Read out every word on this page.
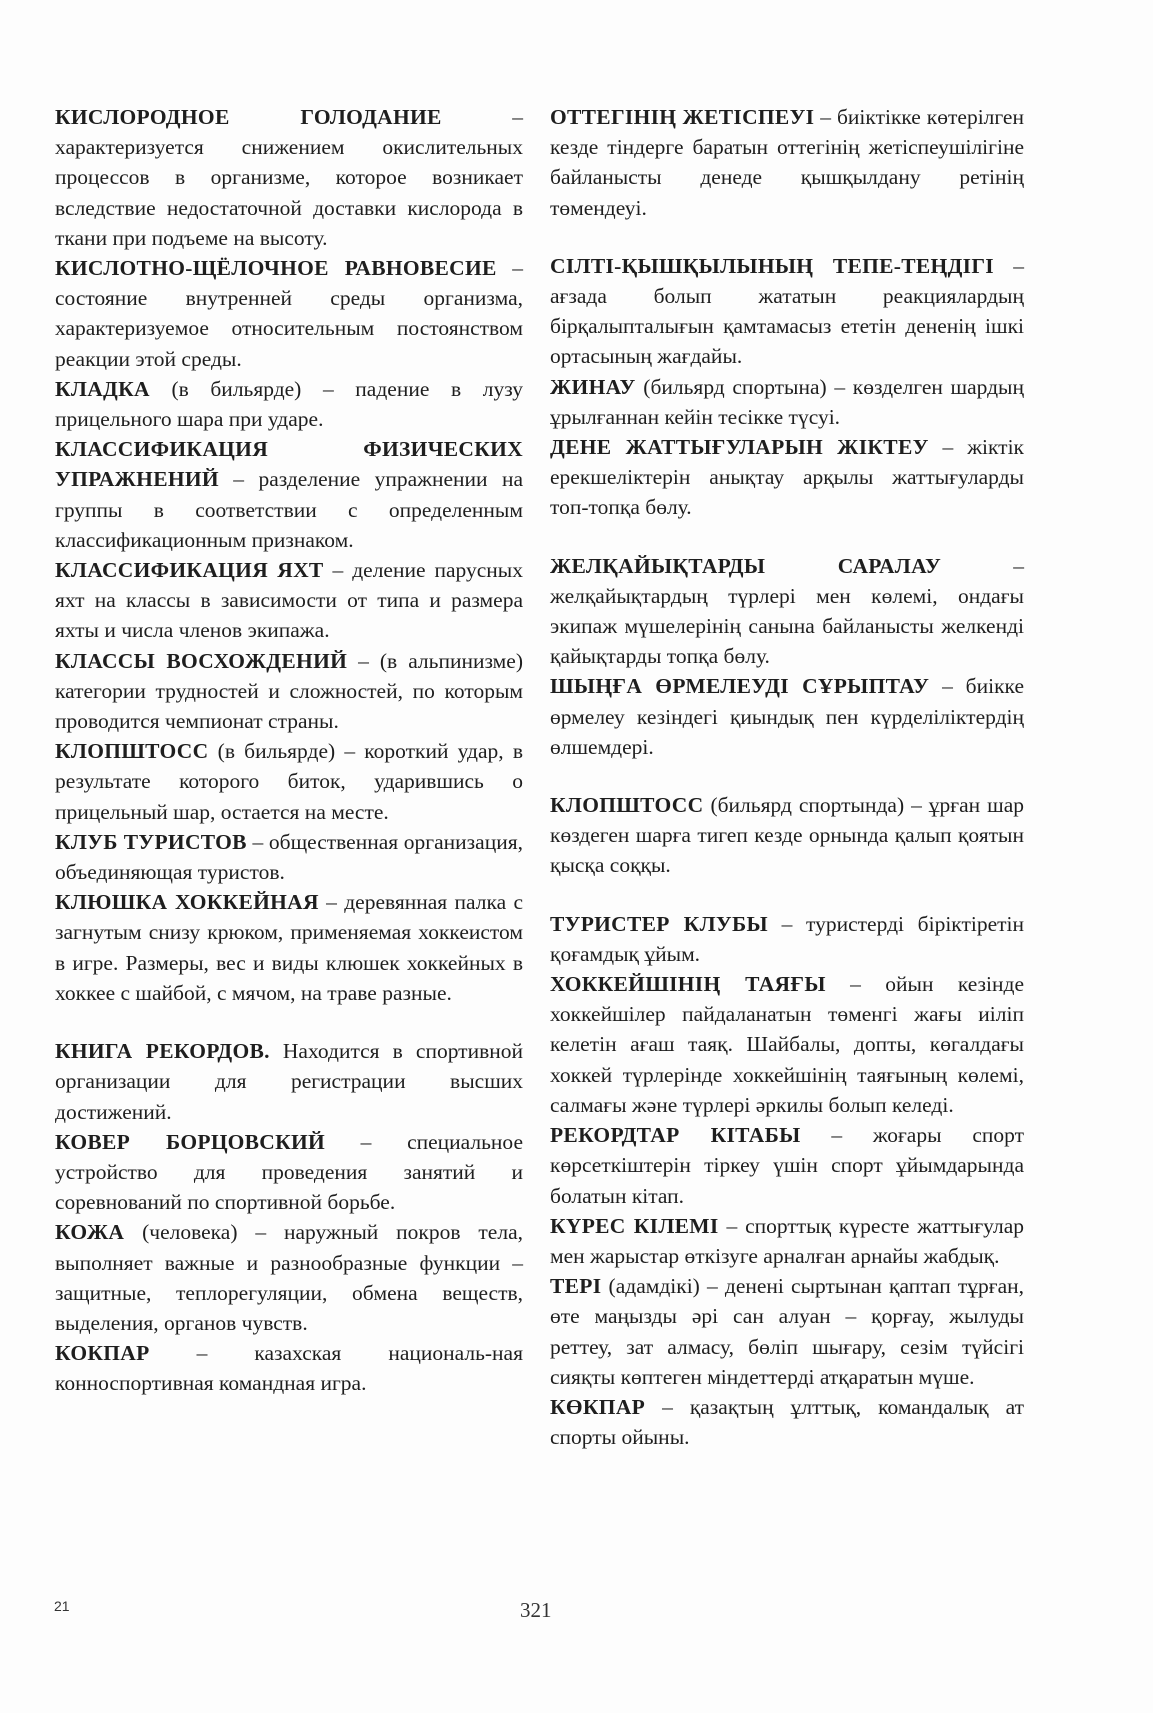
КИСЛОРОДНОЕ ГОЛОДАНИЕ –характеризуется снижением окислительных процессов в организме, которое возникает вследствие недостаточной доставки кислорода в ткани при подъеме на высоту.

КИСЛОТНО-ЩЁЛОЧНОЕ РАВНОВЕСИЕ – состояние внутренней среды организма, характеризуемое относительным постоянством реакции этой среды.

КЛАДКА (в бильярде) – падение в лузу прицельного шара при ударе.

КЛАССИФИКАЦИЯ ФИЗИЧЕСКИХ УПРАЖНЕНИЙ – разделение упражнении на группы в соответствии с определенным классификационным признаком.

КЛАССИФИКАЦИЯ ЯХТ – деление парусных яхт на классы в зависимости от типа и размера яхты и числа членов экипажа.

КЛАССЫ ВОСХОЖДЕНИЙ – (в альпинизме) категории трудностей и сложностей, по которым проводится чемпионат страны.

КЛОПШТОСС (в бильярде) – короткий удар, в результате которого биток, ударившись о прицельный шар, остается на месте.

КЛУБ ТУРИСТОВ – общественная организация, объединяющая туристов.

КЛЮШКА ХОККЕЙНАЯ – деревянная палка с загнутым снизу крюком, применяемая хоккеистом в игре. Размеры, вес и виды клюшек хоккейных в хоккее с шайбой, с мячом, на траве разные.

КНИГА РЕКОРДОВ. Находится в спортивной организации для регистрации высших достижений.

КОВЕР БОРЦОВСКИЙ – специальное устройство для проведения занятий и соревнований по спортивной борьбе.

КОЖА (человека) – наружный покров тела, выполняет важные и разнообразные функции – защитные, теплорегуляции, обмена веществ, выделения, органов чувств.

КОКПАР – казахская националь-ная конноспортивная командная игра.

ОТТЕГІНІҢ ЖЕТІСПЕУІ – биіктікке көтерілген кезде тіндерге баратын оттегінің жетіспеушілігіне байланысты денеде қышқылдану ретінің төмендеуі.

СІЛТІ-ҚЫШҚЫЛЫНЫҢ ТЕПЕ-ТЕҢДІГІ – ағзада болып жататын реакциялардың бірқалыпталығын қамтамасыз ететін дененің ішкі ортасының жағдайы.

ЖИНАУ (бильярд спортына) – көзделген шардың ұрылғаннан кейін тесікке түсуі.

ДЕНЕ ЖАТТЫҒУЛАРЫН ЖІКТЕУ – жіктік ерекшеліктерін анықтау арқылы жаттығуларды топ-топқа бөлу.

ЖЕЛҚАЙЫҚТАРДЫ САРАЛАУ – желқайықтардың түрлері мен көлемі, ондағы экипаж мүшелерінің санына байланысты желкенді қайықтарды топқа бөлу.

ШЫҢҒА ӨРМЕЛЕУДІ СҰРЫПТАУ – биікке өрмелеу кезіндегі қиындық пен күрделіліктердің өлшемдері.

КЛОПШТОСС (бильярд спортында) – ұрған шар көздеген шарға тигеп кезде орнында қалып қоятын қысқа соққы.

ТУРИСТЕР КЛУБЫ – туристерді біріктіретін қоғамдық ұйым.

ХОККЕЙШІНІҢ ТАЯҒЫ – ойын кезінде хоккейшілер пайдаланатын төменгі жағы иіліп келетін ағаш таяқ. Шайбалы, допты, көгалдағы хоккей түрлерінде хоккейшінің таяғының көлемі, салмағы және түрлері әркилы болып келеді.

РЕКОРДТАР КІТАБЫ – жоғары спорт көрсеткіштерін тіркеу үшін спорт ұйымдарында болатын кітап.

КҮРЕС КІЛЕМІ – спорттық күресте жаттығулар мен жарыстар өткізуге арналған арнайы жабдық.

ТЕРІ (адамдікі) – денені сыртынан қаптап тұрған, өте маңызды әрі сан алуан – қорғау, жылуды реттеу, зат алмасу, бөліп шығару, сезім түйсігі сияқты көптеген міндеттерді атқаратын мүше.

КӨКПАР – қазақтың ұлттық, командалық ат спорты ойыны.

21	321
